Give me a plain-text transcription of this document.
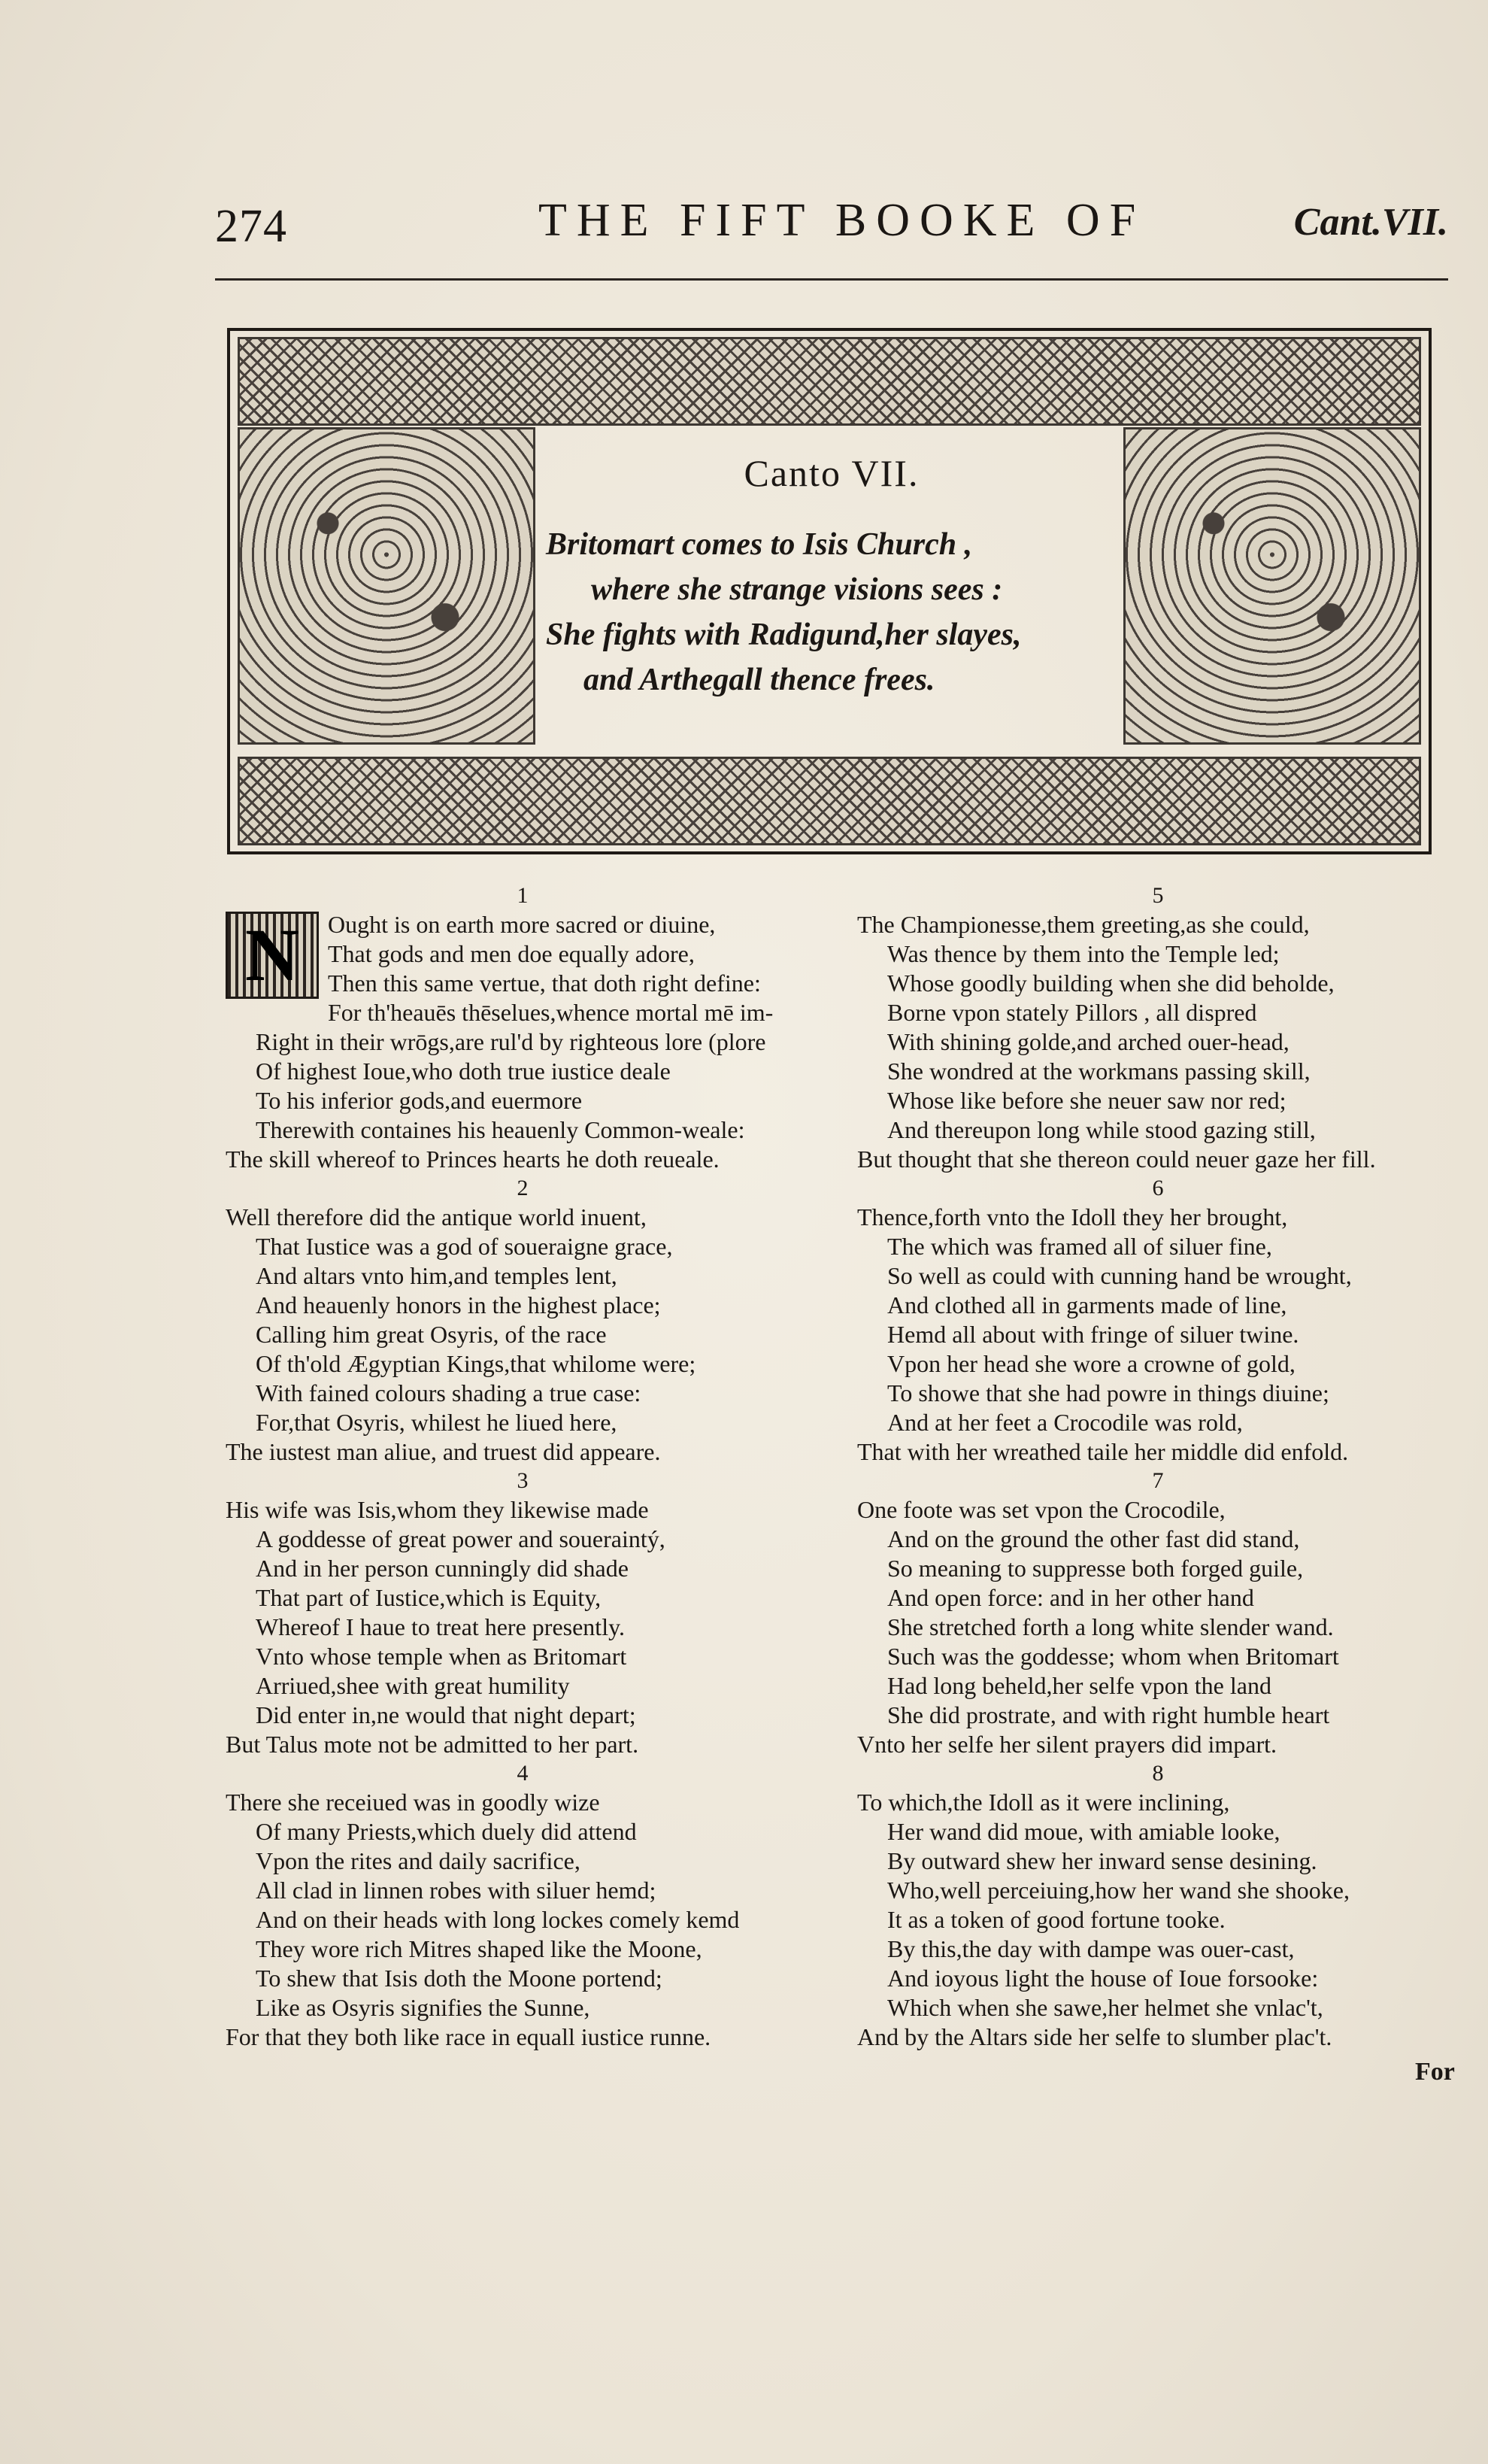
274	THE FIFT BOOKE OF	Cant.VII.
Canto VII.
Britomart comes to Isis Church ,
where she strange visions sees :
She fights with Radigund,her slayes,
and Arthegall thence frees.
1
N	Ought is on earth more sacred or diuine,
That gods and men doe equally adore,
Then this same vertue, that doth right define:
For th'heauēs thēselues,whence mortal mē im-
Right in their wrōgs,are rul'd by righteous lore (plore
Of highest Ioue,who doth true iustice deale
To his inferior gods,and euermore
Therewith containes his heauenly Common-weale:
The skill whereof to Princes hearts he doth reueale.
2
Well therefore did the antique world inuent,
That Iustice was a god of soueraigne grace,
And altars vnto him,and temples lent,
And heauenly honors in the highest place;
Calling him great Osyris, of the race
Of th'old Ægyptian Kings,that whilome were;
With fained colours shading a true case:
For,that Osyris, whilest he liued here,
The iustest man aliue, and truest did appeare.
3
His wife was Isis,whom they likewise made
A goddesse of great power and soueraintý,
And in her person cunningly did shade
That part of Iustice,which is Equity,
Whereof I haue to treat here presently.
Vnto whose temple when as Britomart
Arriued,shee with great humility
Did enter in,ne would that night depart;
But Talus mote not be admitted to her part.
4
There she receiued was in goodly wize
Of many Priests,which duely did attend
Vpon the rites and daily sacrifice,
All clad in linnen robes with siluer hemd;
And on their heads with long lockes comely kemd
They wore rich Mitres shaped like the Moone,
To shew that Isis doth the Moone portend;
Like as Osyris signifies the Sunne,
For that they both like race in equall iustice runne.
5
The Championesse,them greeting,as she could,
Was thence by them into the Temple led;
Whose goodly building when she did beholde,
Borne vpon stately Pillors , all dispred
With shining golde,and arched ouer-head,
She wondred at the workmans passing skill,
Whose like before she neuer saw nor red;
And thereupon long while stood gazing still,
But thought that she thereon could neuer gaze her fill.
6
Thence,forth vnto the Idoll they her brought,
The which was framed all of siluer fine,
So well as could with cunning hand be wrought,
And clothed all in garments made of line,
Hemd all about with fringe of siluer twine.
Vpon her head she wore a crowne of gold,
To showe that she had powre in things diuine;
And at her feet a Crocodile was rold,
That with her wreathed taile her middle did enfold.
7
One foote was set vpon the Crocodile,
And on the ground the other fast did stand,
So meaning to suppresse both forged guile,
And open force: and in her other hand
She stretched forth a long white slender wand.
Such was the goddesse; whom when Britomart
Had long beheld,her selfe vpon the land
She did prostrate, and with right humble heart
Vnto her selfe her silent prayers did impart.
8
To which,the Idoll as it were inclining,
Her wand did moue, with amiable looke,
By outward shew her inward sense desining.
Who,well perceiuing,how her wand she shooke,
It as a token of good fortune tooke.
By this,the day with dampe was ouer-cast,
And ioyous light the house of Ioue forsooke:
Which when she sawe,her helmet she vnlac't,
And by the Altars side her selfe to slumber plac't.
For
